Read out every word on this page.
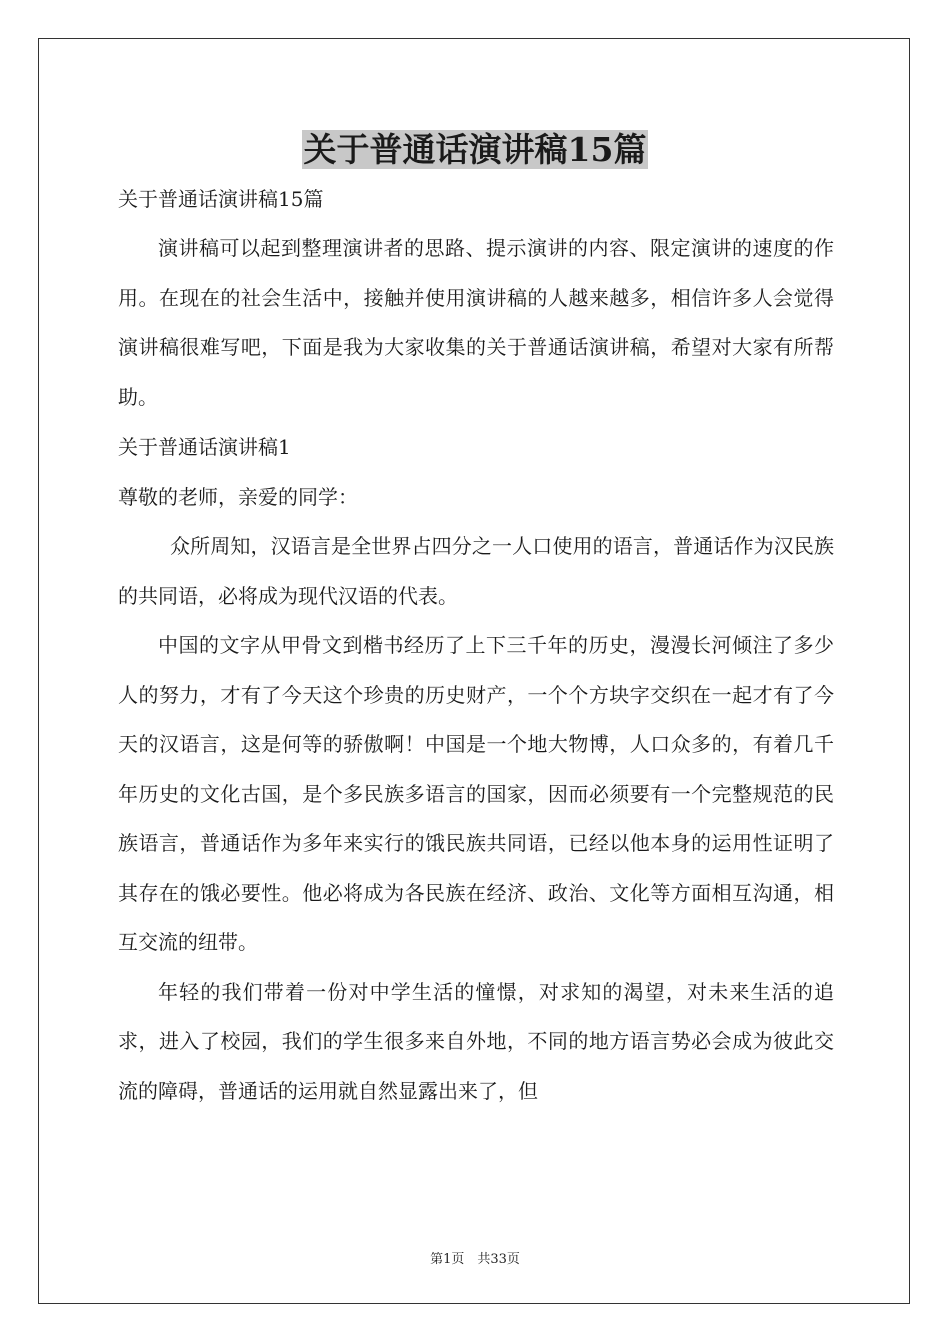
关于普通话演讲稿15篇

关于普通话演讲稿15篇

演讲稿可以起到整理演讲者的思路、提示演讲的内容、限定演讲的速度的作用。在现在的社会生活中，接触并使用演讲稿的人越来越多，相信许多人会觉得演讲稿很难写吧，下面是我为大家收集的关于普通话演讲稿，希望对大家有所帮助。

关于普通话演讲稿1

尊敬的老师，亲爱的同学：

众所周知，汉语言是全世界占四分之一人口使用的语言，普通话作为汉民族的共同语，必将成为现代汉语的代表。

中国的文字从甲骨文到楷书经历了上下三千年的历史，漫漫长河倾注了多少人的努力，才有了今天这个珍贵的历史财产，一个个方块字交织在一起才有了今天的汉语言，这是何等的骄傲啊！中国是一个地大物博，人口众多的，有着几千年历史的文化古国，是个多民族多语言的国家，因而必须要有一个完整规范的民族语言，普通话作为多年来实行的饿民族共同语，已经以他本身的运用性证明了其存在的饿必要性。他必将成为各民族在经济、政治、文化等方面相互沟通，相互交流的纽带。

年轻的我们带着一份对中学生活的憧憬，对求知的渴望，对未来生活的追求，进入了校园，我们的学生很多来自外地，不同的地方语言势必会成为彼此交流的障碍，普通话的运用就自然显露出来了，但

第1页　共33页
